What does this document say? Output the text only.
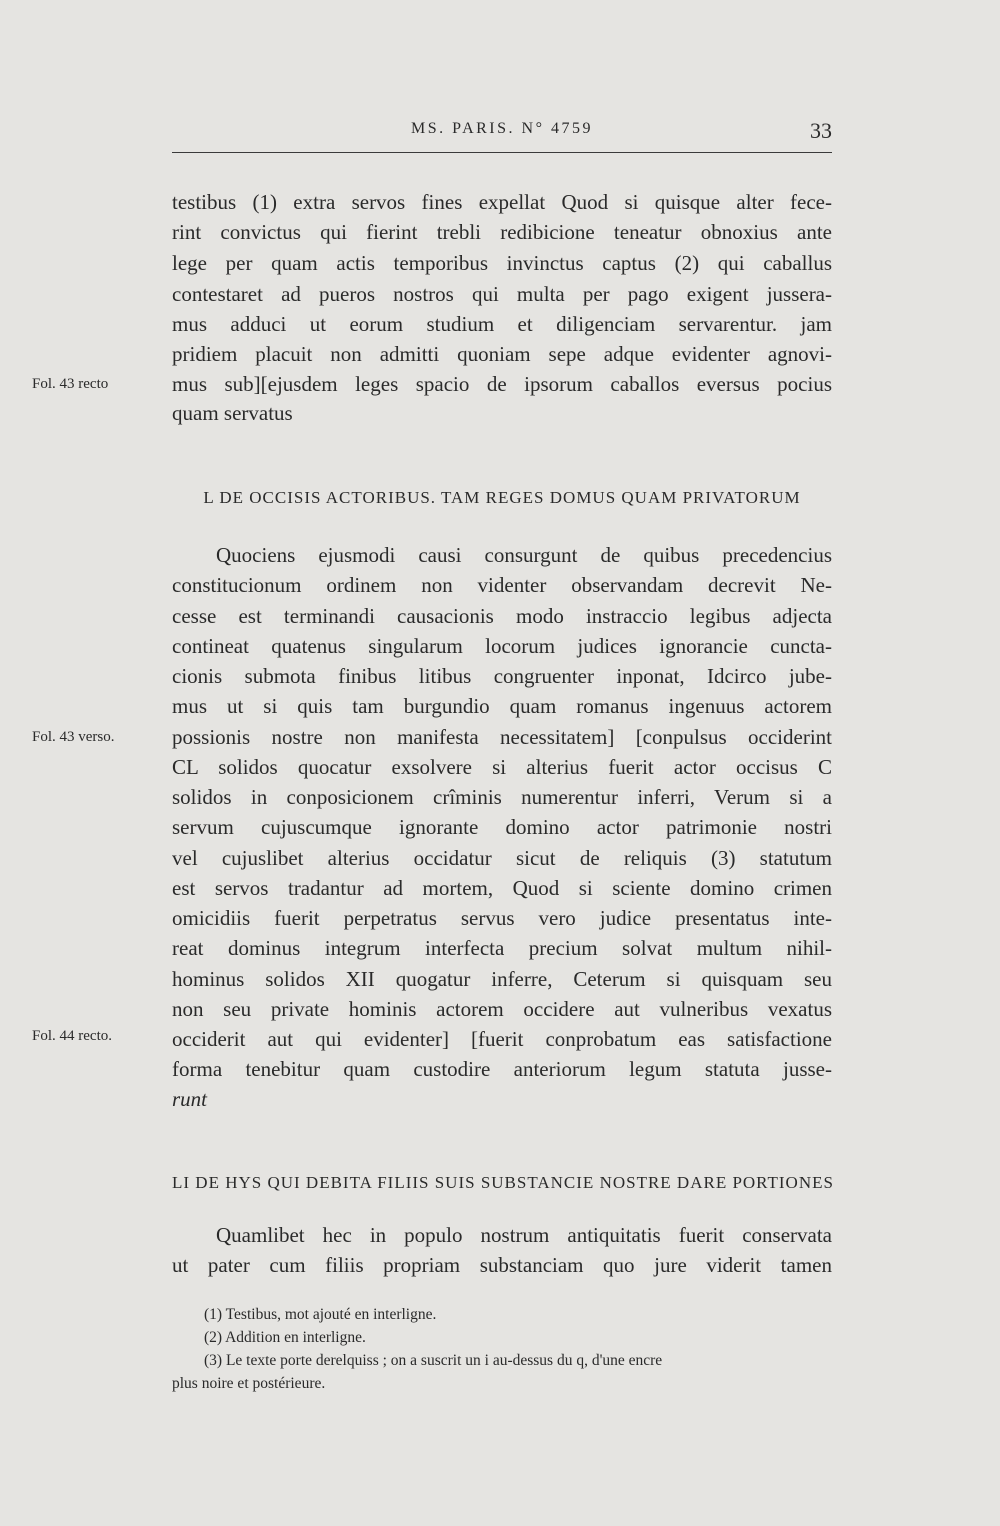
MS. PARIS. N° 4759	33
testibus (1) extra servos fines expellat Quod si quisque alter fece-
rint convictus qui fierint trebli redibicione teneatur obnoxius ante
lege per quam actis temporibus invinctus captus (2) qui caballus
contestaret ad pueros nostros qui multa per pago exigent jussera-
mus adduci ut eorum studium et diligenciam servarentur. jam
pridiem placuit non admitti quoniam sepe adque evidenter agnovi-
mus sub][ejusdem leges spacio de ipsorum caballos eversus pocius
quam servatus
Fol. 43 recto
L DE OCCISIS ACTORIBUS. TAM REGES DOMUS QUAM PRIVATORUM
Quociens ejusmodi causi consurgunt de quibus precedencius
constitucionum ordinem non videnter observandam decrevit Ne-
cesse est terminandi causacionis modo instraccio legibus adjecta
contineat quatenus singularum locorum judices ignorancie cuncta-
cionis submota finibus litibus congruenter inponat, Idcirco jube-
mus ut si quis tam burgundio quam romanus ingenuus actorem
possionis nostre non manifesta necessitatem] [conpulsus occiderint
CL solidos quocatur exsolvere si alterius fuerit actor occisus C
solidos in conposicionem crîminis numerentur inferri, Verum si a
servum cujuscumque ignorante domino actor patrimonie nostri
vel cujuslibet alterius occidatur sicut de reliquis (3) statutum
est servos tradantur ad mortem, Quod si sciente domino crimen
omicidiis fuerit perpetratus servus vero judice presentatus inte-
reat dominus integrum interfecta precium solvat multum nihil-
hominus solidos XII quogatur inferre, Ceterum si quisquam seu
non seu private hominis actorem occidere aut vulneribus vexatus
occiderit aut qui evidenter] [fuerit conprobatum eas satisfactione
forma tenebitur quam custodire anteriorum legum statuta jusse-
runt
Fol. 43 verso.
Fol. 44 recto.
LI DE HYS QUI DEBITA FILIIS SUIS SUBSTANCIE NOSTRE DARE PORTIONES
Quamlibet hec in populo nostrum antiquitatis fuerit conservata
ut pater cum filiis propriam substanciam quo jure viderit tamen
(1) Testibus, mot ajouté en interligne.
(2) Addition en interligne.
(3) Le texte porte derelquiss ; on a suscrit un i au-dessus du q, d'une encre
plus noire et postérieure.
